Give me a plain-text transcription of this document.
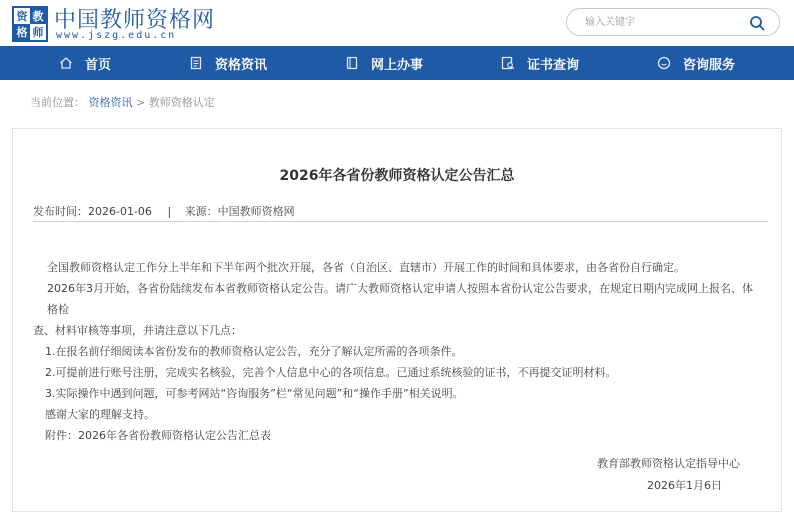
资 教
格 师 中国教师资格网
www.jszg.edu.cn
输入关键字
首页	资格资讯	网上办事	证书查询	咨询服务
当前位置： 资格资讯 > 教师资格认定
2026年各省份教师资格认定公告汇总
发布时间：2026-01-06 | 来源：中国教师资格网

全国教师资格认定工作分上半年和下半年两个批次开展，各省（自治区、直辖市）开展工作的时间和具体要求，由各省份自行确定。

2026年3月开始，各省份陆续发布本省教师资格认定公告。请广大教师资格认定申请人按照本省份认定公告要求，在规定日期内完成网上报名、体格检

查、材料审核等事项，并请注意以下几点：

1.在报名前仔细阅读本省份发布的教师资格认定公告，充分了解认定所需的各项条件。

2.可提前进行账号注册，完成实名核验，完善个人信息中心的各项信息。已通过系统核验的证书，不再提交证明材料。

3.实际操作中遇到问题，可参考网站“咨询服务”栏“常见问题”和“操作手册”相关说明。

感谢大家的理解支持。

附件：2026年各省份教师资格认定公告汇总表

教育部教师资格认定指导中心
2026年1月6日
